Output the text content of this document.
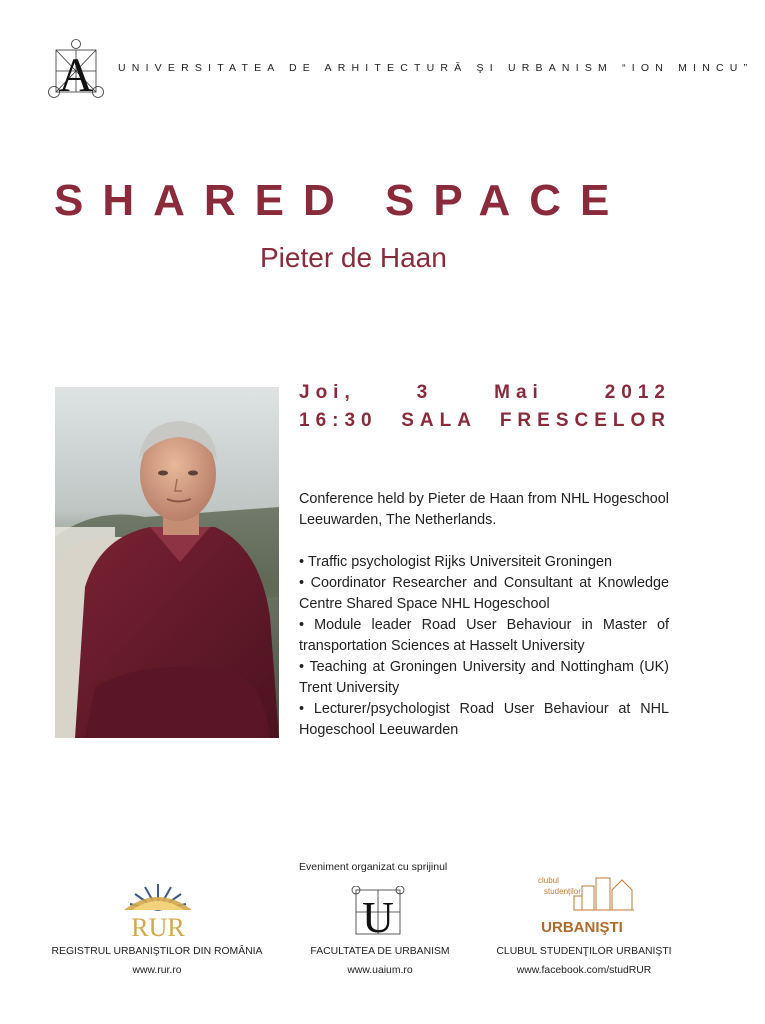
A UNIVERSITATEA DE ARHITECTURĂ ŞI URBANISM “ION MINCU”
SHARED SPACE
Pieter de Haan
Joi,	3	Mai	2012
16:30 SALA FRESCELOR

Conference held by Pieter de Haan from NHL Hogeschool Leeuwarden, The Netherlands.

• Traffic psychologist Rijks Universiteit Groningen
• Coordinator Researcher and Consultant at Knowledge Centre Shared Space NHL Hogeschool
• Module leader Road User Behaviour in Master of transportation Sciences at Hasselt University
• Teaching at Groningen University and Nottingham (UK) Trent University
• Lecturer/psychologist Road User Behaviour at NHL Hogeschool Leeuwarden
Eveniment organizat cu sprijinul
RUR	U
clubul
studenţilor
URBANIŞTI
REGISTRUL URBANIŞTILOR DIN ROMÂNIA
www.rur.ro
FACULTATEA DE URBANISM
www.uaium.ro
CLUBUL STUDENŢILOR URBANIŞTI
www.facebook.com/studRUR
